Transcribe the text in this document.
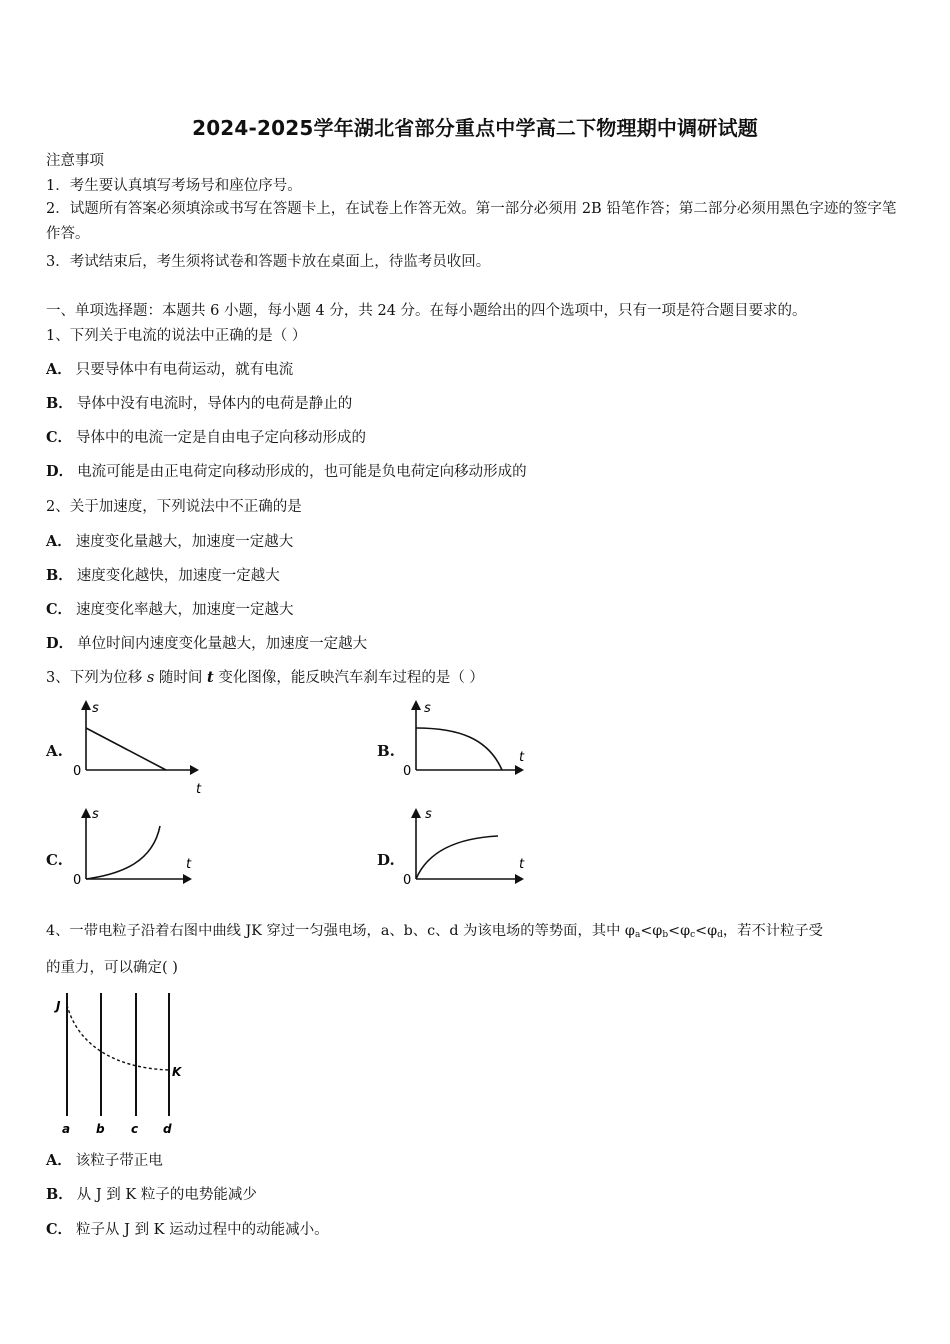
2024-2025学年湖北省部分重点中学高二下物理期中调研试题
注意事项
1．考生要认真填写考场号和座位序号。
2．试题所有答案必须填涂或书写在答题卡上，在试卷上作答无效。第一部分必须用 2B 铅笔作答；第二部分必须用黑色字迹的签字笔作答。
3．考试结束后，考生须将试卷和答题卡放在桌面上，待监考员收回。
一、单项选择题：本题共 6 小题，每小题 4 分，共 24 分。在每小题给出的四个选项中，只有一项是符合题目要求的。
1、下列关于电流的说法中正确的是（ ）
A． 只要导体中有电荷运动，就有电流
B． 导体中没有电流时，导体内的电荷是静止的
C． 导体中的电流一定是自由电子定向移动形成的
D． 电流可能是由正电荷定向移动形成的，也可能是负电荷定向移动形成的
2、关于加速度，下列说法中不正确的是
A． 速度变化量越大，加速度一定越大
B． 速度变化越快，加速度一定越大
C． 速度变化率越大，加速度一定越大
D． 单位时间内速度变化量越大，加速度一定越大
3、下列为位移 s 随时间 t 变化图像，能反映汽车刹车过程的是（ ）
A.	B.
C.	D.
s
t
0
s
t
0
s
t
0
s
t
0
4、一带电粒子沿着右图中曲线 JK 穿过一匀强电场，a、b、c、d 为该电场的等势面，其中 $\varphi_a<\varphi_b<\varphi_c<\varphi_d$，若不计粒子受
的重力，可以确定( )
J
K
a b c d
A． 该粒子带正电
B． 从 J 到 K 粒子的电势能减少
C． 粒子从 J 到 K 运动过程中的动能减小。
